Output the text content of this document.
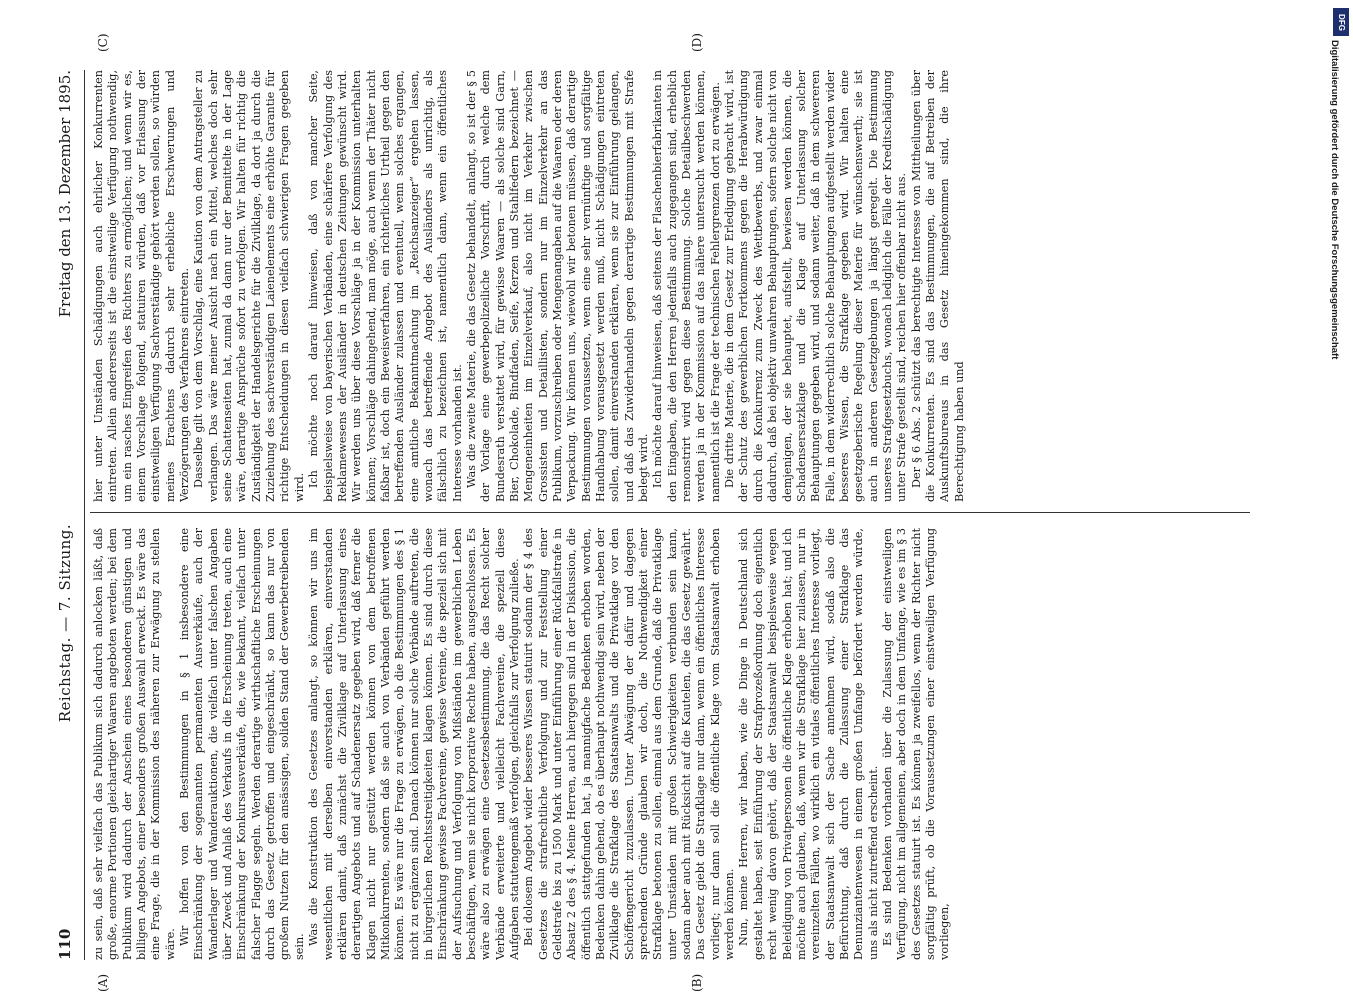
110
Reichstag. — 7. Sitzung.
Freitag den 13. Dezember 1895.
(A)	(B)
(C)	(D)

zu sein, daß sehr vielfach das Publikum sich dadurch anlocken läßt, daß große, enorme Portionen gleichartiger Waaren angeboten werden; bei dem Publikum wird dadurch der Anschein eines besonderen günstigen und billigen Angebots, einer besonders großen Auswahl erweckt. Es wäre das eine Frage, die in der Kommission des näheren zur Erwägung zu stellen wäre. Wir hoffen von den Bestimmungen in § 1 insbesondere eine Einschränkung der sogenannten permanenten Ausverkäufe, auch der Wanderlager und Wanderauktionen, die vielfach unter falschen Angaben über Zweck und Anlaß des Verkaufs in die Erscheinung treten, auch eine Einschränkung der Konkursausverkäufe, die, wie bekannt, vielfach unter falscher Flagge segeln. Werden derartige wirthschaftliche Erscheinungen durch das Gesetz getroffen und eingeschränkt, so kann das nur von großem Nutzen für den ansässigen, soliden Stand der Gewerbetreibenden sein.

Was die Konstruktion des Gesetzes anlangt, so können wir uns im wesentlichen mit derselben einverstanden erklären, einverstanden erklären damit, daß zunächst die Zivilklage auf Unterlassung eines derartigen Angebots und auf Schadenersatz gegeben wird, daß ferner die Klagen nicht nur gestützt werden können von dem betroffenen Mitkonkurrenten, sondern daß sie auch von Verbänden geführt werden können. Es wäre nur die Frage zu erwägen, ob die Bestimmungen des § 1 nicht zu ergänzen sind. Danach können nur solche Verbände auftreten, die in bürgerlichen Rechtsstreitigkeiten klagen können. Es sind durch diese Einschränkung gewisse Fachvereine, gewisse Vereine, die speziell sich mit der Aufsuchung und Verfolgung von Mißständen im gewerblichen Leben beschäftigen, wenn sie nicht korporative Rechte haben, ausgeschlossen. Es wäre also zu erwägen eine Gesetzesbestimmung, die das Recht solcher Verbände erweiterte und vielleicht Fachvereine, die speziell diese Aufgaben statutengemäß verfolgen, gleichfalls zur Verfolgung zuließe. Bei dolosem Angebot wider besseres Wissen statuirt sodann der § 4 des Gesetzes die strafrechtliche Verfolgung und zur Feststellung einer Geldstrafe bis zu 1500 Mark und unter Einführung einer Rückfallstrafe in Absatz 2 des § 4. Meine Herren, auch hiergegen sind in der Diskussion, die öffentlich stattgefunden hat, ja mannigfache Bedenken erhoben worden, Bedenken dahin gehend, ob es überhaupt nothwendig sein wird, neben der Zivilklage die Strafklage des Staatsanwalts und die Privatklage vor den Schöffengericht zuzulassen. Unter Abwägung der dafür und dagegen sprechenden Gründe glauben wir doch, die Nothwendigkeit einer Strafklage betonen zu sollen, einmal aus dem Grunde, daß die Privatklage unter Umständen mit großen Schwierigkeiten verbunden sein kann, sodann aber auch mit Rücksicht auf die Kautelen, die das Gesetz gewährt. Das Gesetz giebt die Strafklage nur dann, wenn ein öffentliches Interesse vorliegt; nur dann soll die öffentliche Klage vom Staatsanwalt erhoben werden können. Nun, meine Herren, wir haben, wie die Dinge in Deutschland sich gestaltet haben, seit Einführung der Strafprozeßordnung doch eigentlich recht wenig davon gehört, daß der Staatsanwalt beispielsweise wegen Beleidigung von Privatpersonen die öffentliche Klage erhoben hat; und ich möchte auch glauben, daß, wenn wir die Strafklage hier zulassen, nur in vereinzelten Fällen, wo wirklich ein vitales öffentliches Interesse vorliegt, der Staatsanwalt sich der Sache annehmen wird, sodaß also die Befürchtung, daß durch die Zulassung einer Strafklage das Denunziantenwesen in einem großen Umfange befördert werden würde, uns als nicht zutreffend erscheint. Es sind Bedenken vorhanden über die Zulassung der einstweiligen Verfügung, nicht im allgemeinen, aber doch in dem Umfange, wie es im § 3 des Gesetzes statuirt ist. Es können ja zweifellos, wenn der Richter nicht sorgfältig prüft, ob die Voraussetzungen einer einstweiligen Verfügung vorliegen,

hier unter Umständen Schädigungen auch ehrlicher Konkurrenten eintreten. Allein andererseits ist die einstweilige Verfügung nothwendig, um ein rasches Eingreifen des Richters zu ermöglichen; und wenn wir es, einem Vorschlage folgend, statuiren würden, daß vor Erlassung der einstweiligen Verfügung Sachverständige gehört werden sollen, so würden meines Erachtens dadurch sehr erhebliche Erschwerungen und Verzögerungen des Verfahrens eintreten. Dasselbe gilt von dem Vorschlag, eine Kaution von dem Antragsteller zu verlangen. Das wäre meiner Ansicht nach ein Mittel, welches doch sehr seine Schattenseiten hat, zumal da dann nur der Bemittelte in der Lage wäre, derartige Ansprüche sofort zu verfolgen. Wir halten für richtig die Zuständigkeit der Handelsgerichte für die Zivilklage, da dort ja durch die Zuziehung des sachverständigen Laienelements eine erhöhte Garantie für richtige Entscheidungen in diesen vielfach schwierigen Fragen gegeben wird. Ich möchte noch darauf hinweisen, daß von mancher Seite, beispielsweise von bayerischen Verbänden, eine schärfere Verfolgung des Reklamewesens der Ausländer in deutschen Zeitungen gewünscht wird. Wir werden uns über diese Vorschläge ja in der Kommission unterhalten können; Vorschläge dahingehend, man möge, auch wenn der Thäter nicht faßbar ist, doch ein Beweisverfahren, ein richterliches Urtheil gegen den betreffenden Ausländer zulassen und eventuell, wenn solches ergangen, eine amtliche Bekanntmachung im „Reichsanzeiger“ ergehen lassen, wonach das betreffende Angebot des Ausländers als unrichtig, als fälschlich zu bezeichnen ist, namentlich dann, wenn ein öffentliches Interesse vorhanden ist. Was die zweite Materie, die das Gesetz behandelt, anlangt, so ist der § 5 der Vorlage eine gewerbepolizeiliche Vorschrift, durch welche dem Bundesrath verstattet wird, für gewisse Waaren — als solche sind Garn, Bier, Chokolade, Bindfaden, Seife, Kerzen und Stahlfedern bezeichnet — Mengeneinheiten im Einzelverkauf, also nicht im Verkehr zwischen Grossisten und Detaillisten, sondern nur im Einzelverkehr an das Publikum, vorzuschreiben oder Mengenangaben auf die Waaren oder deren Verpackung. Wir können uns, wiewohl wir betonen müssen, daß derartige Bestimmungen voraussetzen, wenn eine sehr vernünftige und sorgfältige Handhabung vorausgesetzt werden muß, nicht Schädigungen eintreten sollen, damit einverstanden erklären, wenn sie zur Einführung gelangen, und daß das Zuwiderhandeln gegen derartige Bestimmungen mit Strafe belegt wird. Ich möchte darauf hinweisen, daß seitens der Flaschenbierfabrikanten in den Eingaben, die den Herren jedenfalls auch zugegangen sind, erheblich remonstrirt wird gegen diese Bestimmung. Solche Detailbeschwerden werden ja in der Kommission auf das nähere untersucht werden können, namentlich ist die Frage der technischen Fehlergrenzen dort zu erwägen. Die dritte Materie, die in dem Gesetz zur Erledigung gebracht wird, ist der Schutz des gewerblichen Fortkommens gegen die Herabwürdigung durch die Konkurrenz zum Zweck des Wettbewerbs, und zwar einmal dadurch, daß bei objektiv unwahren Behauptungen, sofern solche nicht von demjenigen, der sie behauptet, aufstellt, bewiesen werden können, die Schadensersatzklage und die Klage auf Unterlassung solcher Behauptungen gegeben wird, und sodann weiter, daß in dem schwereren Falle, in dem widerrechtlich solche Behauptungen aufgestellt werden wider besseres Wissen, die Strafklage gegeben wird. Wir halten eine gesetzgeberische Regelung dieser Materie für wünschenswerth; sie ist auch in anderen Gesetzgebungen ja längst geregelt. Die Bestimmung unseres Strafgesetzbuchs, wonach lediglich die Fälle der Kreditschädigung unter Strafe gestellt sind, reichen hier offenbar nicht aus. Der § 6 Abs. 2 schützt das berechtigte Interesse von Mittheilungen über die Konkurrenten. Es sind das Bestimmungen, die auf Betreiben der Auskunftsbureaus in das Gesetz hineingekommen sind, die ihre Berechtigung haben und

DFG
Digitalisierung gefördert durch die Deutsche Forschungsgemeinschaft
